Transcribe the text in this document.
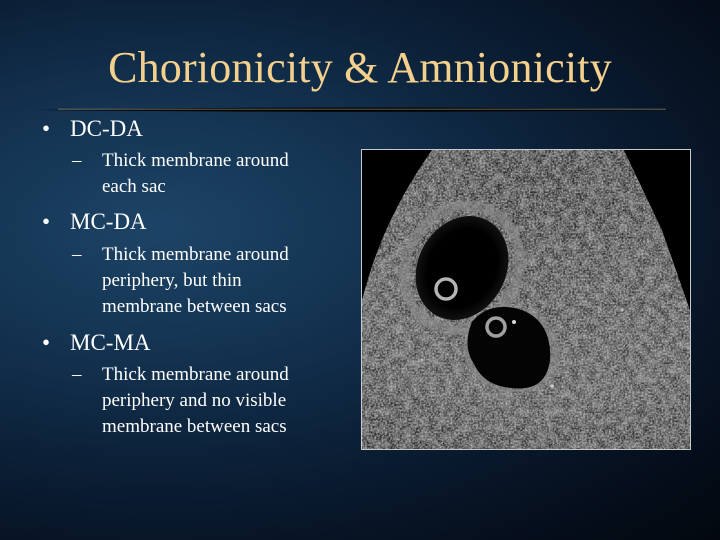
Chorionicity & Amnionicity
• DC-DA
–	Thick membrane around
each sac
• MC-DA
–	Thick membrane around
periphery, but thin
membrane between sacs
• MC-MA
–	Thick membrane around
periphery and no visible
membrane between sacs
